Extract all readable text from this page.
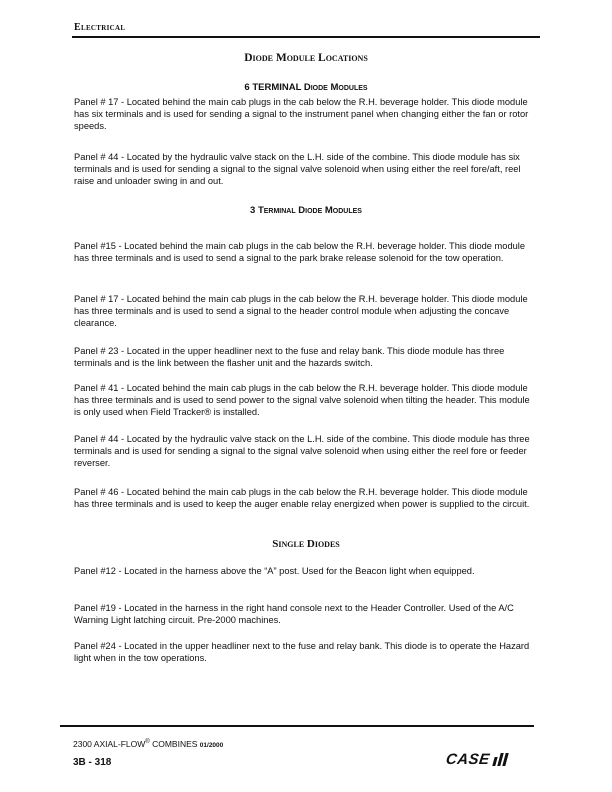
Electrical
Diode Module Locations
6 TERMINAL Diode Modules

Panel # 17 - Located behind the main cab plugs in the cab below the R.H. beverage holder. This diode module has six terminals and is used for sending a signal to the instrument panel when changing either the fan or rotor speeds.

Panel # 44 - Located by the hydraulic valve stack on the L.H. side of the combine. This diode module has six terminals and is used for sending a signal to the signal valve solenoid when using either the reel fore/aft, reel raise and unloader swing in and out.

3 Terminal Diode Modules

Panel #15 - Located behind the main cab plugs in the cab below the R.H. beverage holder. This diode module has three terminals and is used to send a signal to the park brake release solenoid for the tow operation.

Panel # 17 - Located behind the main cab plugs in the cab below the R.H. beverage holder. This diode module has three terminals and is used to send a signal to the header control module when adjusting the concave clearance.

Panel # 23 - Located in the upper headliner next to the fuse and relay bank. This diode module has three terminals and is the link between the flasher unit and the hazards switch.

Panel # 41 - Located behind the main cab plugs in the cab below the R.H. beverage holder. This diode module has three terminals and is used to send power to the signal valve solenoid when tilting the header. This module is only used when Field Tracker® is installed.

Panel # 44 - Located by the hydraulic valve stack on the L.H. side of the combine. This diode module has three terminals and is used for sending a signal to the signal valve solenoid when using either the reel fore or feeder reverser.

Panel # 46 - Located behind the main cab plugs in the cab below the R.H. beverage holder. This diode module has three terminals and is used to keep the auger enable relay energized when power is supplied to the circuit.

Single Diodes

Panel #12 - Located in the harness above the “A” post. Used for the Beacon light when equipped.

Panel #19 - Located in the harness in the right hand console next to the Header Controller. Used of the A/C Warning Light latching circuit. Pre-2000 machines.

Panel #24 - Located in the upper headliner next to the fuse and relay bank. This diode is to operate the Hazard light when in the tow operations.

2300 AXIAL-FLOW® COMBINES 01/2000
3B - 318	CASE
